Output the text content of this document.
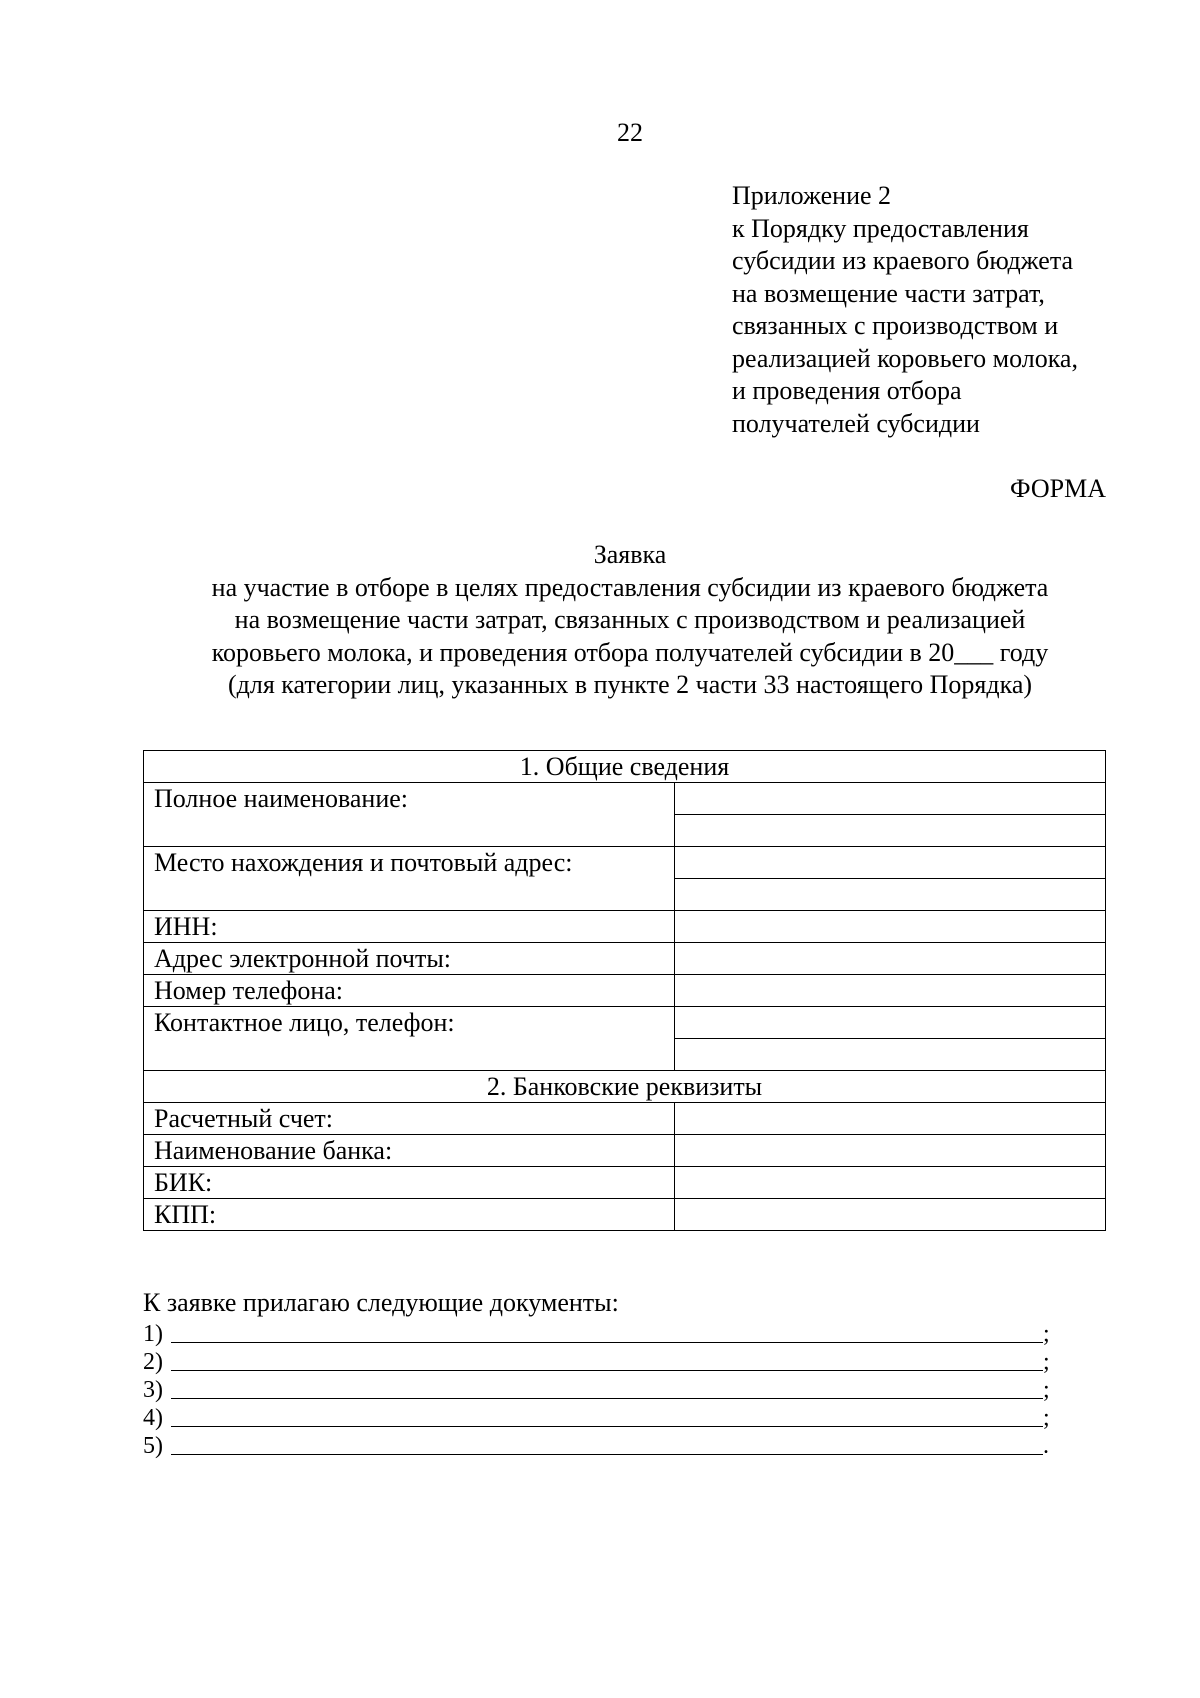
22
Приложение 2
к Порядку предоставления
субсидии из краевого бюджета
на возмещение части затрат,
связанных с производством и
реализацией коровьего молока,
и проведения отбора
получателей субсидии
ФОРМА
Заявка
на участие в отборе в целях предоставления субсидии из краевого бюджета
на возмещение части затрат, связанных с производством и реализацией
коровьего молока, и проведения отбора получателей субсидии в 20___ году
(для категории лиц, указанных в пункте 2 части 33 настоящего Порядка)
1. Общие сведения	
Полное наименование:	

Место нахождения и почтовый адрес:	

ИНН:	
Адрес электронной почты:	
Номер телефона:	
Контактное лицо, телефон:	

2. Банковские реквизиты	
Расчетный счет:	
Наименование банка:	
БИК:	
КПП:	
К заявке прилагаю следующие документы:
1)	;
2)	;
3)	;
4)	;
5)	.
